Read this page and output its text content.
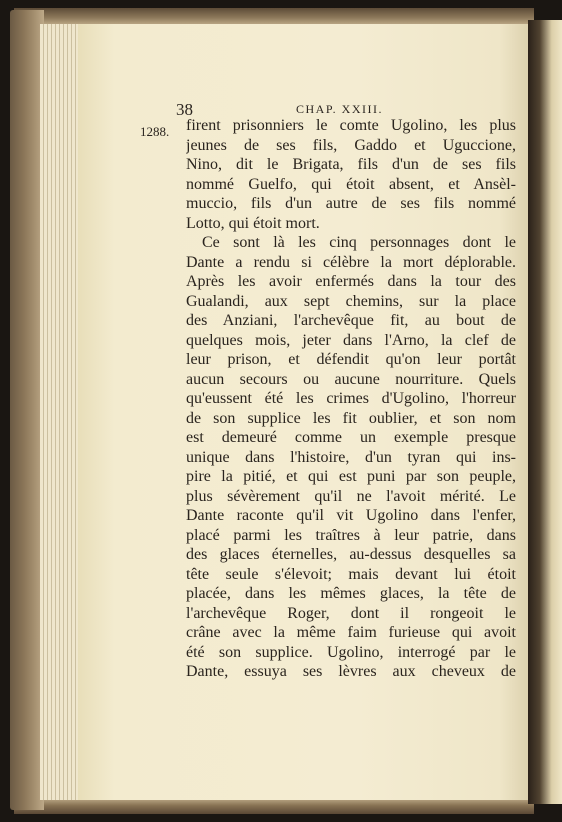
38	CHAP. XXIII.
1288. firent prisonniers le comte Ugolino, les plus
jeunes de ses fils, Gaddo et Uguccione,
Nino, dit le Brigata, fils d'un de ses fils
nommé Guelfo, qui étoit absent, et Ansèl-
muccio, fils d'un autre de ses fils nommé
Lotto, qui étoit mort.
Ce sont là les cinq personnages dont le
Dante a rendu si célèbre la mort déplorable.
Après les avoir enfermés dans la tour des
Gualandi, aux sept chemins, sur la place
des Anziani, l'archevêque fit, au bout de
quelques mois, jeter dans l'Arno, la clef de
leur prison, et défendit qu'on leur portât
aucun secours ou aucune nourriture. Quels
qu'eussent été les crimes d'Ugolino, l'horreur
de son supplice les fit oublier, et son nom
est demeuré comme un exemple presque
unique dans l'histoire, d'un tyran qui ins-
pire la pitié, et qui est puni par son peuple,
plus sévèrement qu'il ne l'avoit mérité. Le
Dante raconte qu'il vit Ugolino dans l'enfer,
placé parmi les traîtres à leur patrie, dans
des glaces éternelles, au-dessus desquelles sa
tête seule s'élevoit; mais devant lui étoit
placée, dans les mêmes glaces, la tête de
l'archevêque Roger, dont il rongeoit le
crâne avec la même faim furieuse qui avoit
été son supplice. Ugolino, interrogé par le
Dante, essuya ses lèvres aux cheveux de
